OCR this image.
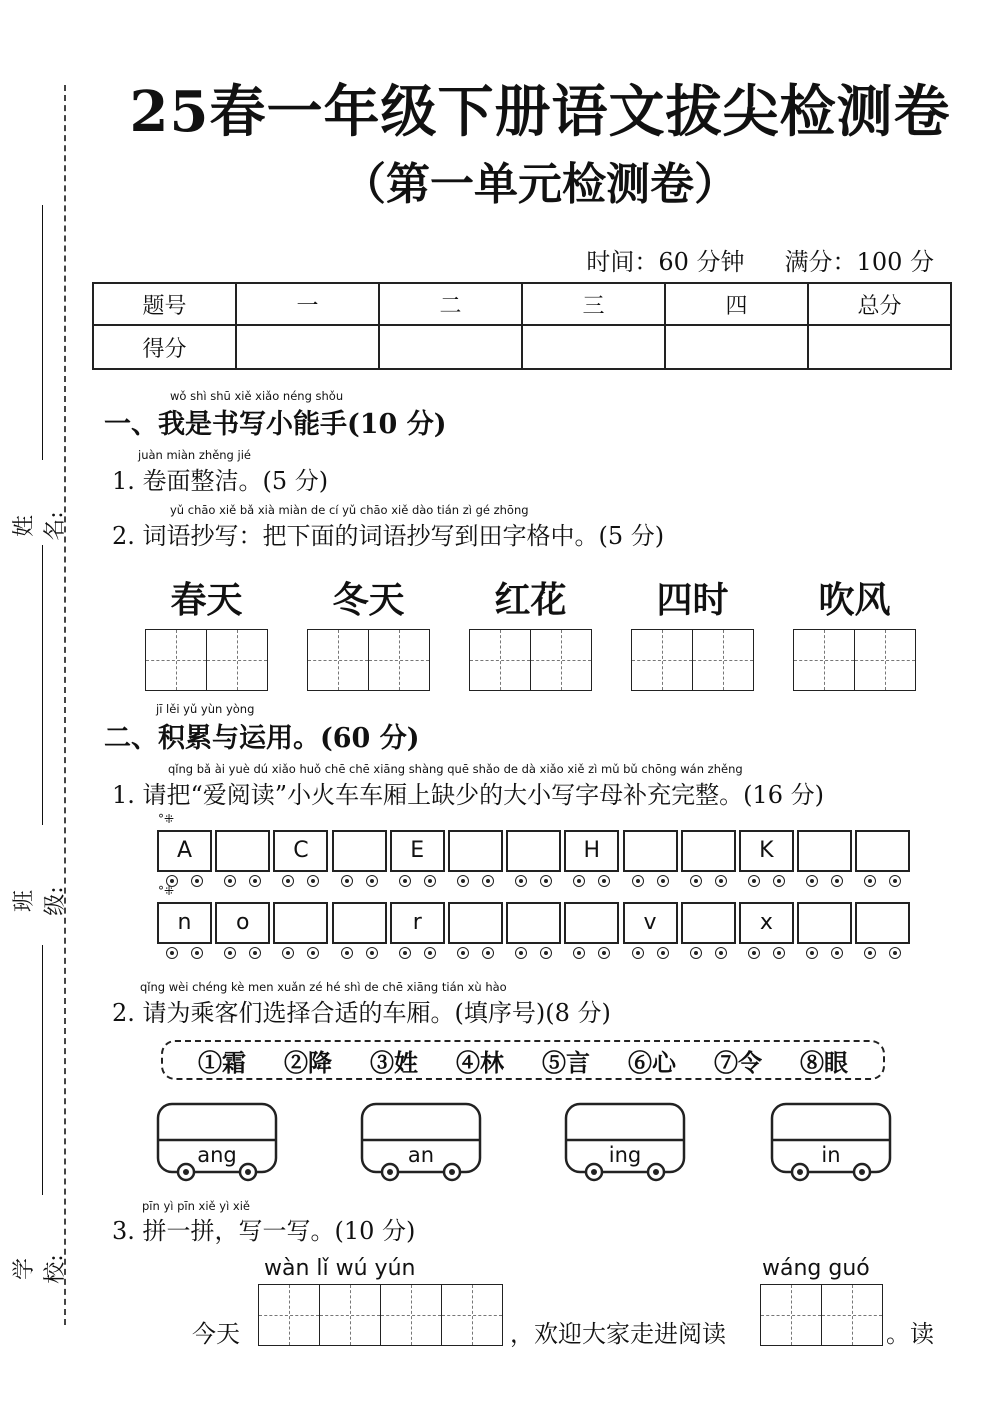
姓名:
班级:
学校:
25春一年级下册语文拔尖检测卷
（第一单元检测卷）
时间：60 分钟 满分：100 分
题号	一	二	三	四	总分
得分					
wǒ shì shū xiě xiǎo néng shǒu
一、我是书写小能手(10 分)
juàn miàn zhěng jié
1. 卷面整洁。(5 分)
yǔ chāo xiě bǎ xià miàn de cí yǔ chāo xiě dào tián zì gé zhōng
2. 词语抄写：把下面的词语抄写到田字格中。(5 分)
春天	冬天	红花	四时	吹风
jī lěi yǔ yùn yòng
二、积累与运用。(60 分)
qǐng bǎ ài yuè dú xiǎo huǒ chē chē xiāng shàng quē shǎo de dà xiǎo xiě zì mǔ bǔ chōng wán zhěng
1. 请把“爱阅读”小火车车厢上缺少的大小写字母补充完整。(16 分)
°⁜
A	C	E	H	K
°⁜
n	o	r	v	x
qǐng wèi chéng kè men xuǎn zé hé shì de chē xiāng tián xù hào
2. 请为乘客们选择合适的车厢。(填序号)(8 分)
①霜 ②降 ③姓 ④林 ⑤言 ⑥心 ⑦令 ⑧眼
ang	an	ing	in
pīn yì pīn xiě yì xiě
3. 拼一拼，写一写。(10 分)
wàn lǐ wú yún	wáng guó
今天	，欢迎大家走进阅读	。读
